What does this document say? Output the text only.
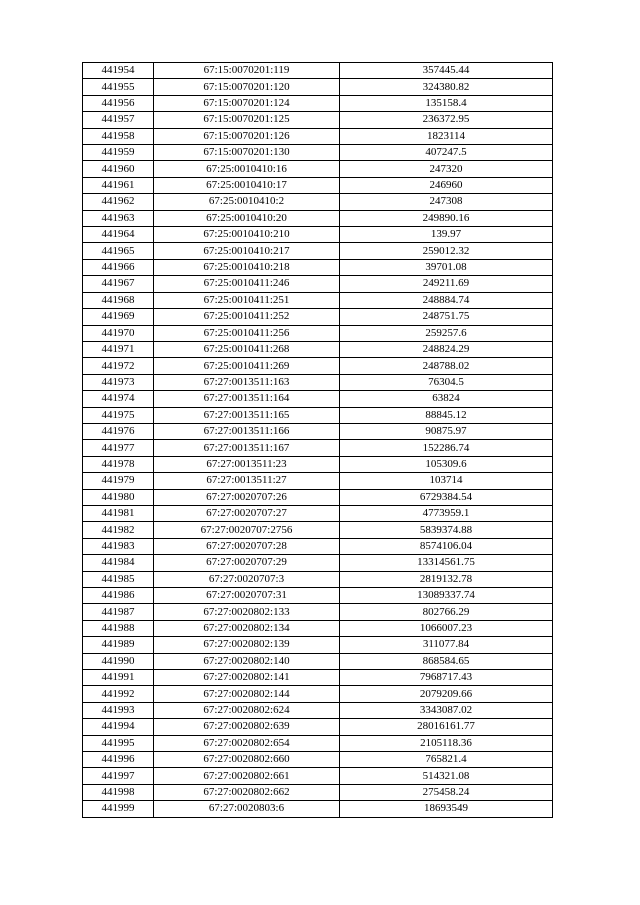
441954	67:15:0070201:119	357445.44
441955	67:15:0070201:120	324380.82
441956	67:15:0070201:124	135158.4
441957	67:15:0070201:125	236372.95
441958	67:15:0070201:126	1823114
441959	67:15:0070201:130	407247.5
441960	67:25:0010410:16	247320
441961	67:25:0010410:17	246960
441962	67:25:0010410:2	247308
441963	67:25:0010410:20	249890.16
441964	67:25:0010410:210	139.97
441965	67:25:0010410:217	259012.32
441966	67:25:0010410:218	39701.08
441967	67:25:0010411:246	249211.69
441968	67:25:0010411:251	248884.74
441969	67:25:0010411:252	248751.75
441970	67:25:0010411:256	259257.6
441971	67:25:0010411:268	248824.29
441972	67:25:0010411:269	248788.02
441973	67:27:0013511:163	76304.5
441974	67:27:0013511:164	63824
441975	67:27:0013511:165	88845.12
441976	67:27:0013511:166	90875.97
441977	67:27:0013511:167	152286.74
441978	67:27:0013511:23	105309.6
441979	67:27:0013511:27	103714
441980	67:27:0020707:26	6729384.54
441981	67:27:0020707:27	4773959.1
441982	67:27:0020707:2756	5839374.88
441983	67:27:0020707:28	8574106.04
441984	67:27:0020707:29	13314561.75
441985	67:27:0020707:3	2819132.78
441986	67:27:0020707:31	13089337.74
441987	67:27:0020802:133	802766.29
441988	67:27:0020802:134	1066007.23
441989	67:27:0020802:139	311077.84
441990	67:27:0020802:140	868584.65
441991	67:27:0020802:141	7968717.43
441992	67:27:0020802:144	2079209.66
441993	67:27:0020802:624	3343087.02
441994	67:27:0020802:639	28016161.77
441995	67:27:0020802:654	2105118.36
441996	67:27:0020802:660	765821.4
441997	67:27:0020802:661	514321.08
441998	67:27:0020802:662	275458.24
441999	67:27:0020803:6	18693549
